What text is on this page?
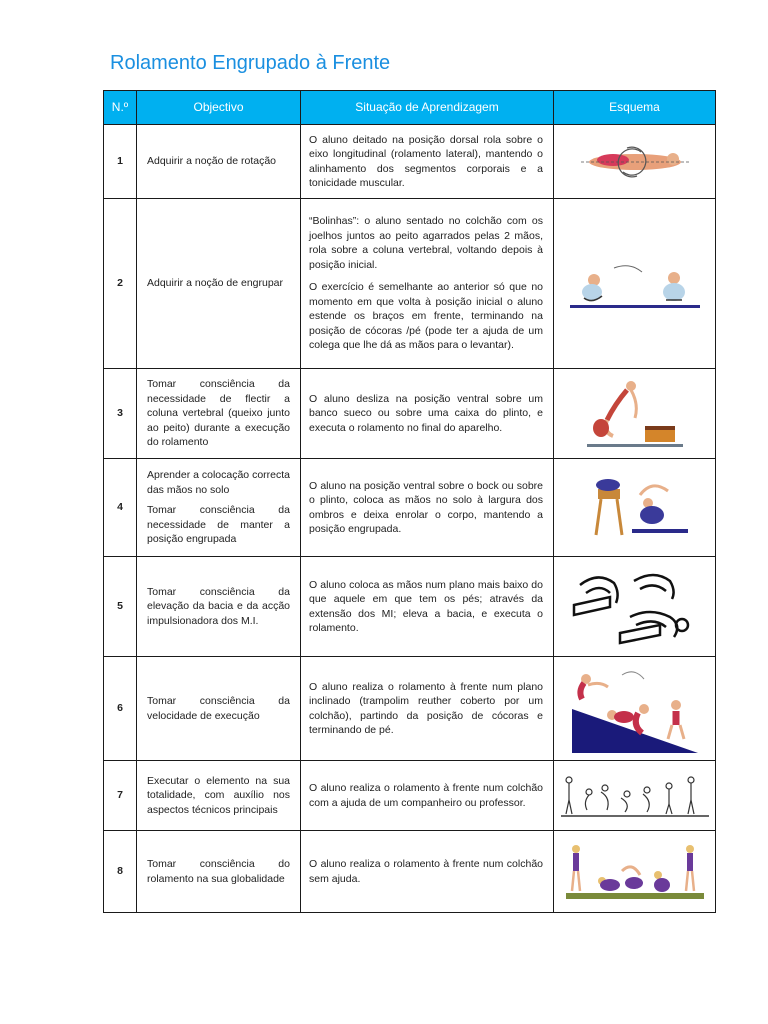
Rolamento Engrupado à Frente
N.º	Objectivo	Situação de Aprendizagem	Esquema
1	Adquirir a noção de rotação	O aluno deitado na posição dorsal rola sobre o eixo longitudinal (rolamento lateral), mantendo o alinhamento dos segmentos corporais e a tonicidade muscular.

2	Adquirir a noção de engrupar	“Bolinhas”: o aluno sentado no colchão com os joelhos juntos ao peito agarrados pelas 2 mãos, rola sobre a coluna vertebral, voltando depois à posição inicial.

O exercício é semelhante ao anterior só que no momento em que volta à posição inicial o aluno estende os braços em frente, terminando na posição de cócoras /pé (pode ter a ajuda de um colega que lhe dá as mãos para o levantar).

3	Tomar consciência da necessidade de flectir a coluna vertebral (queixo junto ao peito) durante a execução do rolamento	O aluno desliza na posição ventral sobre um banco sueco ou sobre uma caixa do plinto, e executa o rolamento no final do aparelho.

4	Aprender a colocação correcta das mãos no solo

Tomar consciência da necessidade de manter a posição engrupada	O aluno na posição ventral sobre o bock ou sobre o plinto, coloca as mãos no solo à largura dos ombros e deixa enrolar o corpo, mantendo a posição engrupada.

5	Tomar consciência da elevação da bacia e da acção impulsionadora dos M.I.	O aluno coloca as mãos num plano mais baixo do que aquele em que tem os pés; através da extensão dos MI; eleva a bacia, e executa o rolamento.

6	Tomar consciência da velocidade de execução	O aluno realiza o rolamento à frente num plano inclinado (trampolim reuther coberto por um colchão), partindo da posição de cócoras e terminando de pé.

7	Executar o elemento na sua totalidade, com auxílio nos aspectos técnicos principais	O aluno realiza o rolamento à frente num colchão com a ajuda de um companheiro ou professor.

8	Tomar consciência do rolamento na sua globalidade	O aluno realiza o rolamento à frente num colchão sem ajuda.
